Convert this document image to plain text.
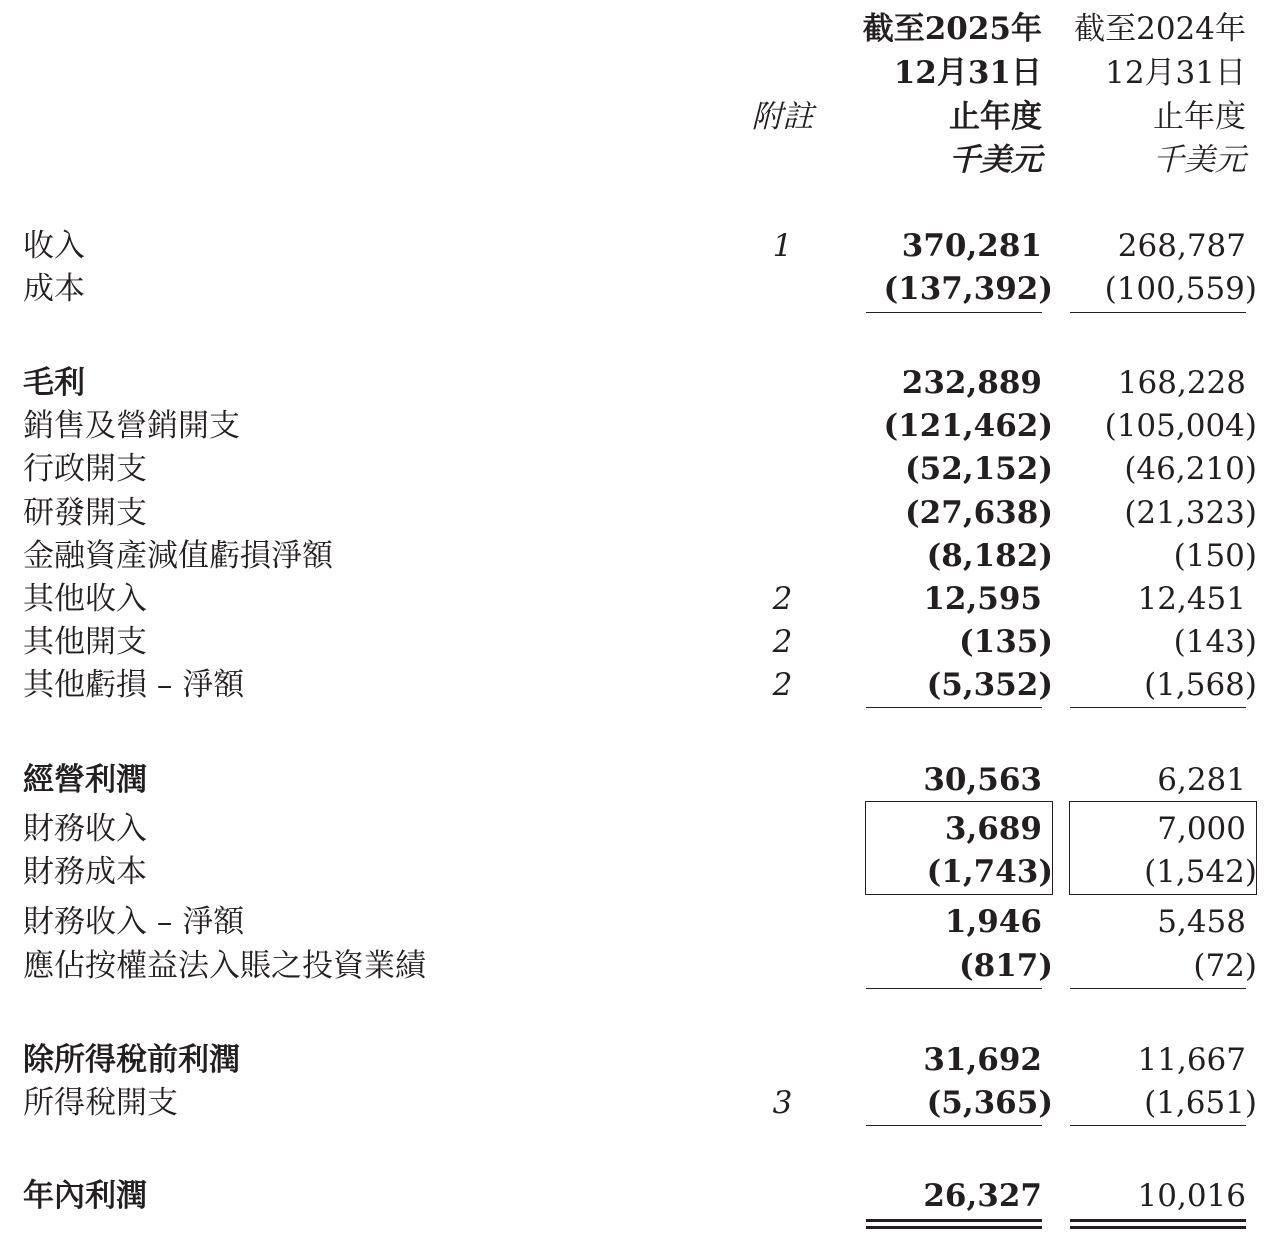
截至2025年
12月31日
止年度
千美元
截至2024年
12月31日
止年度
千美元
附註
收入	1	370,281 268,787
成本	(137,392) (100,559)
毛利	232,889 168,228
銷售及營銷開支	(121,462) (105,004)
行政開支	(52,152) (46,210)
研發開支	(27,638) (21,323)
金融資產減值虧損淨額	(8,182)	(150)
其他收入	2	12,595	12,451
其他開支	2	(135)	(143)
其他虧損 – 淨額	2	(5,352)	(1,568)
經營利潤	30,563	6,281
財務收入	3,689	7,000
財務成本	(1,743)	(1,542)
財務收入 – 淨額	1,946	5,458
應佔按權益法入賬之投資業績	(817)	(72)
除所得稅前利潤	31,692	11,667
所得稅開支	3	(5,365)	(1,651)
年內利潤	26,327	10,016
